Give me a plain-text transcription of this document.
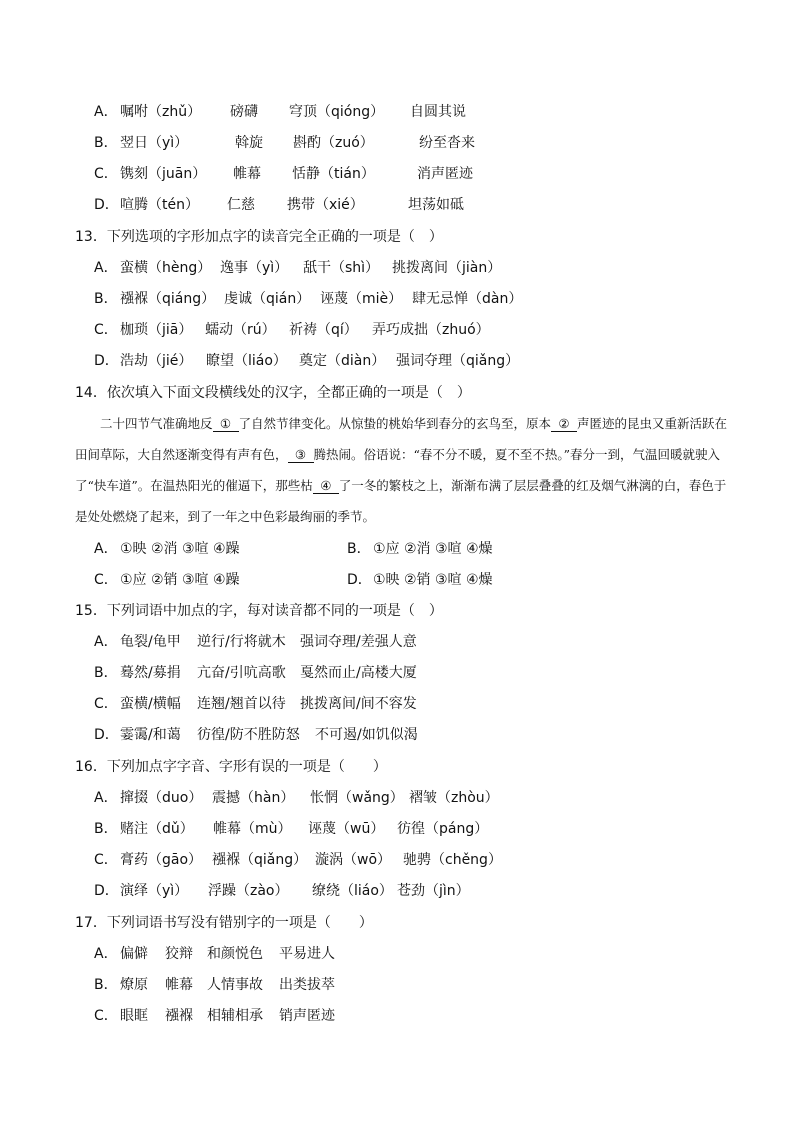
A． 嘱咐（zhǔ） 磅礴 穹顶（qióng） 自圆其说
B． 翌日（yì）	斡旋 斟酌（zuó）	纷至沓来
C． 镌刻（juān） 帷幕 恬静（tián）	消声匿迹
D． 喧腾（tén） 仁慈 携带（xié）	坦荡如砥
13．下列选项的字形加点字的读音完全正确的一项是（　）
A． 蛮横（hèng） 逸事（yì） 舐干（shì） 挑拨离间（jiàn）
B． 襁褓（qiáng） 虔诚（qián） 诬蔑（miè） 肆无忌惮（dàn）
C． 枷琐（jiā） 蠕动（rú） 祈祷（qí） 弄巧成拙（zhuó）
D． 浩劫（jié） 瞭望（liáo） 奠定（diàn） 强词夺理（qiǎng）
14．依次填入下面文段横线处的汉字，全都正确的一项是（　）
二十四节气准确地反 ① 了自然节律变化。从惊蛰的桃始华到春分的玄鸟至，原本 ② 声匿迹的昆虫又重新活跃在田间草际，大自然逐渐变得有声有色， ③ 腾热闹。俗语说：“春不分不暖，夏不至不热。”春分一到，气温回暖就驶入了“快车道”。在温热阳光的催逼下，那些枯 ④ 了一冬的繁枝之上，渐渐布满了层层叠叠的红及烟气淋漓的白，春色于是处处燃烧了起来，到了一年之中色彩最绚丽的季节。
A． ①映 ②消 ③喧 ④躁	B． ①应 ②消 ③喧 ④燥
C． ①应 ②销 ③喧 ④躁	D． ①映 ②销 ③喧 ④燥
15．下列词语中加点的字，每对读音都不同的一项是（　）
A． 龟裂/龟甲 逆行/行将就木 强词夺理/差强人意
B． 蓦然/募捐 亢奋/引吭高歌 戛然而止/高楼大厦
C． 蛮横/横幅 连翘/翘首以待 挑拨离间/间不容发
D． 霎霭/和蔼 彷徨/防不胜防怒 不可遏/如饥似渴
16．下列加点字字音、字形有误的一项是（　　）
A． 撺掇（duo） 震撼（hàn） 怅惘（wǎng） 褶皱（zhòu）
B． 赌注（dǔ） 帷幕（mù） 诬蔑（wū） 彷徨（páng）
C． 膏药（gāo） 襁褓（qiǎng） 漩涡（wō） 驰骋（chěng）
D． 演绎（yì） 浮躁（zào） 缭绕（liáo） 苍劲（jìn）
17．下列词语书写没有错别字的一项是（　　）
A． 偏僻 狡辩 和颜悦色 平易进人
B． 燎原 帷幕 人情事故 出类拔萃
C． 眼眶 襁褓 相辅相承 销声匿迹
